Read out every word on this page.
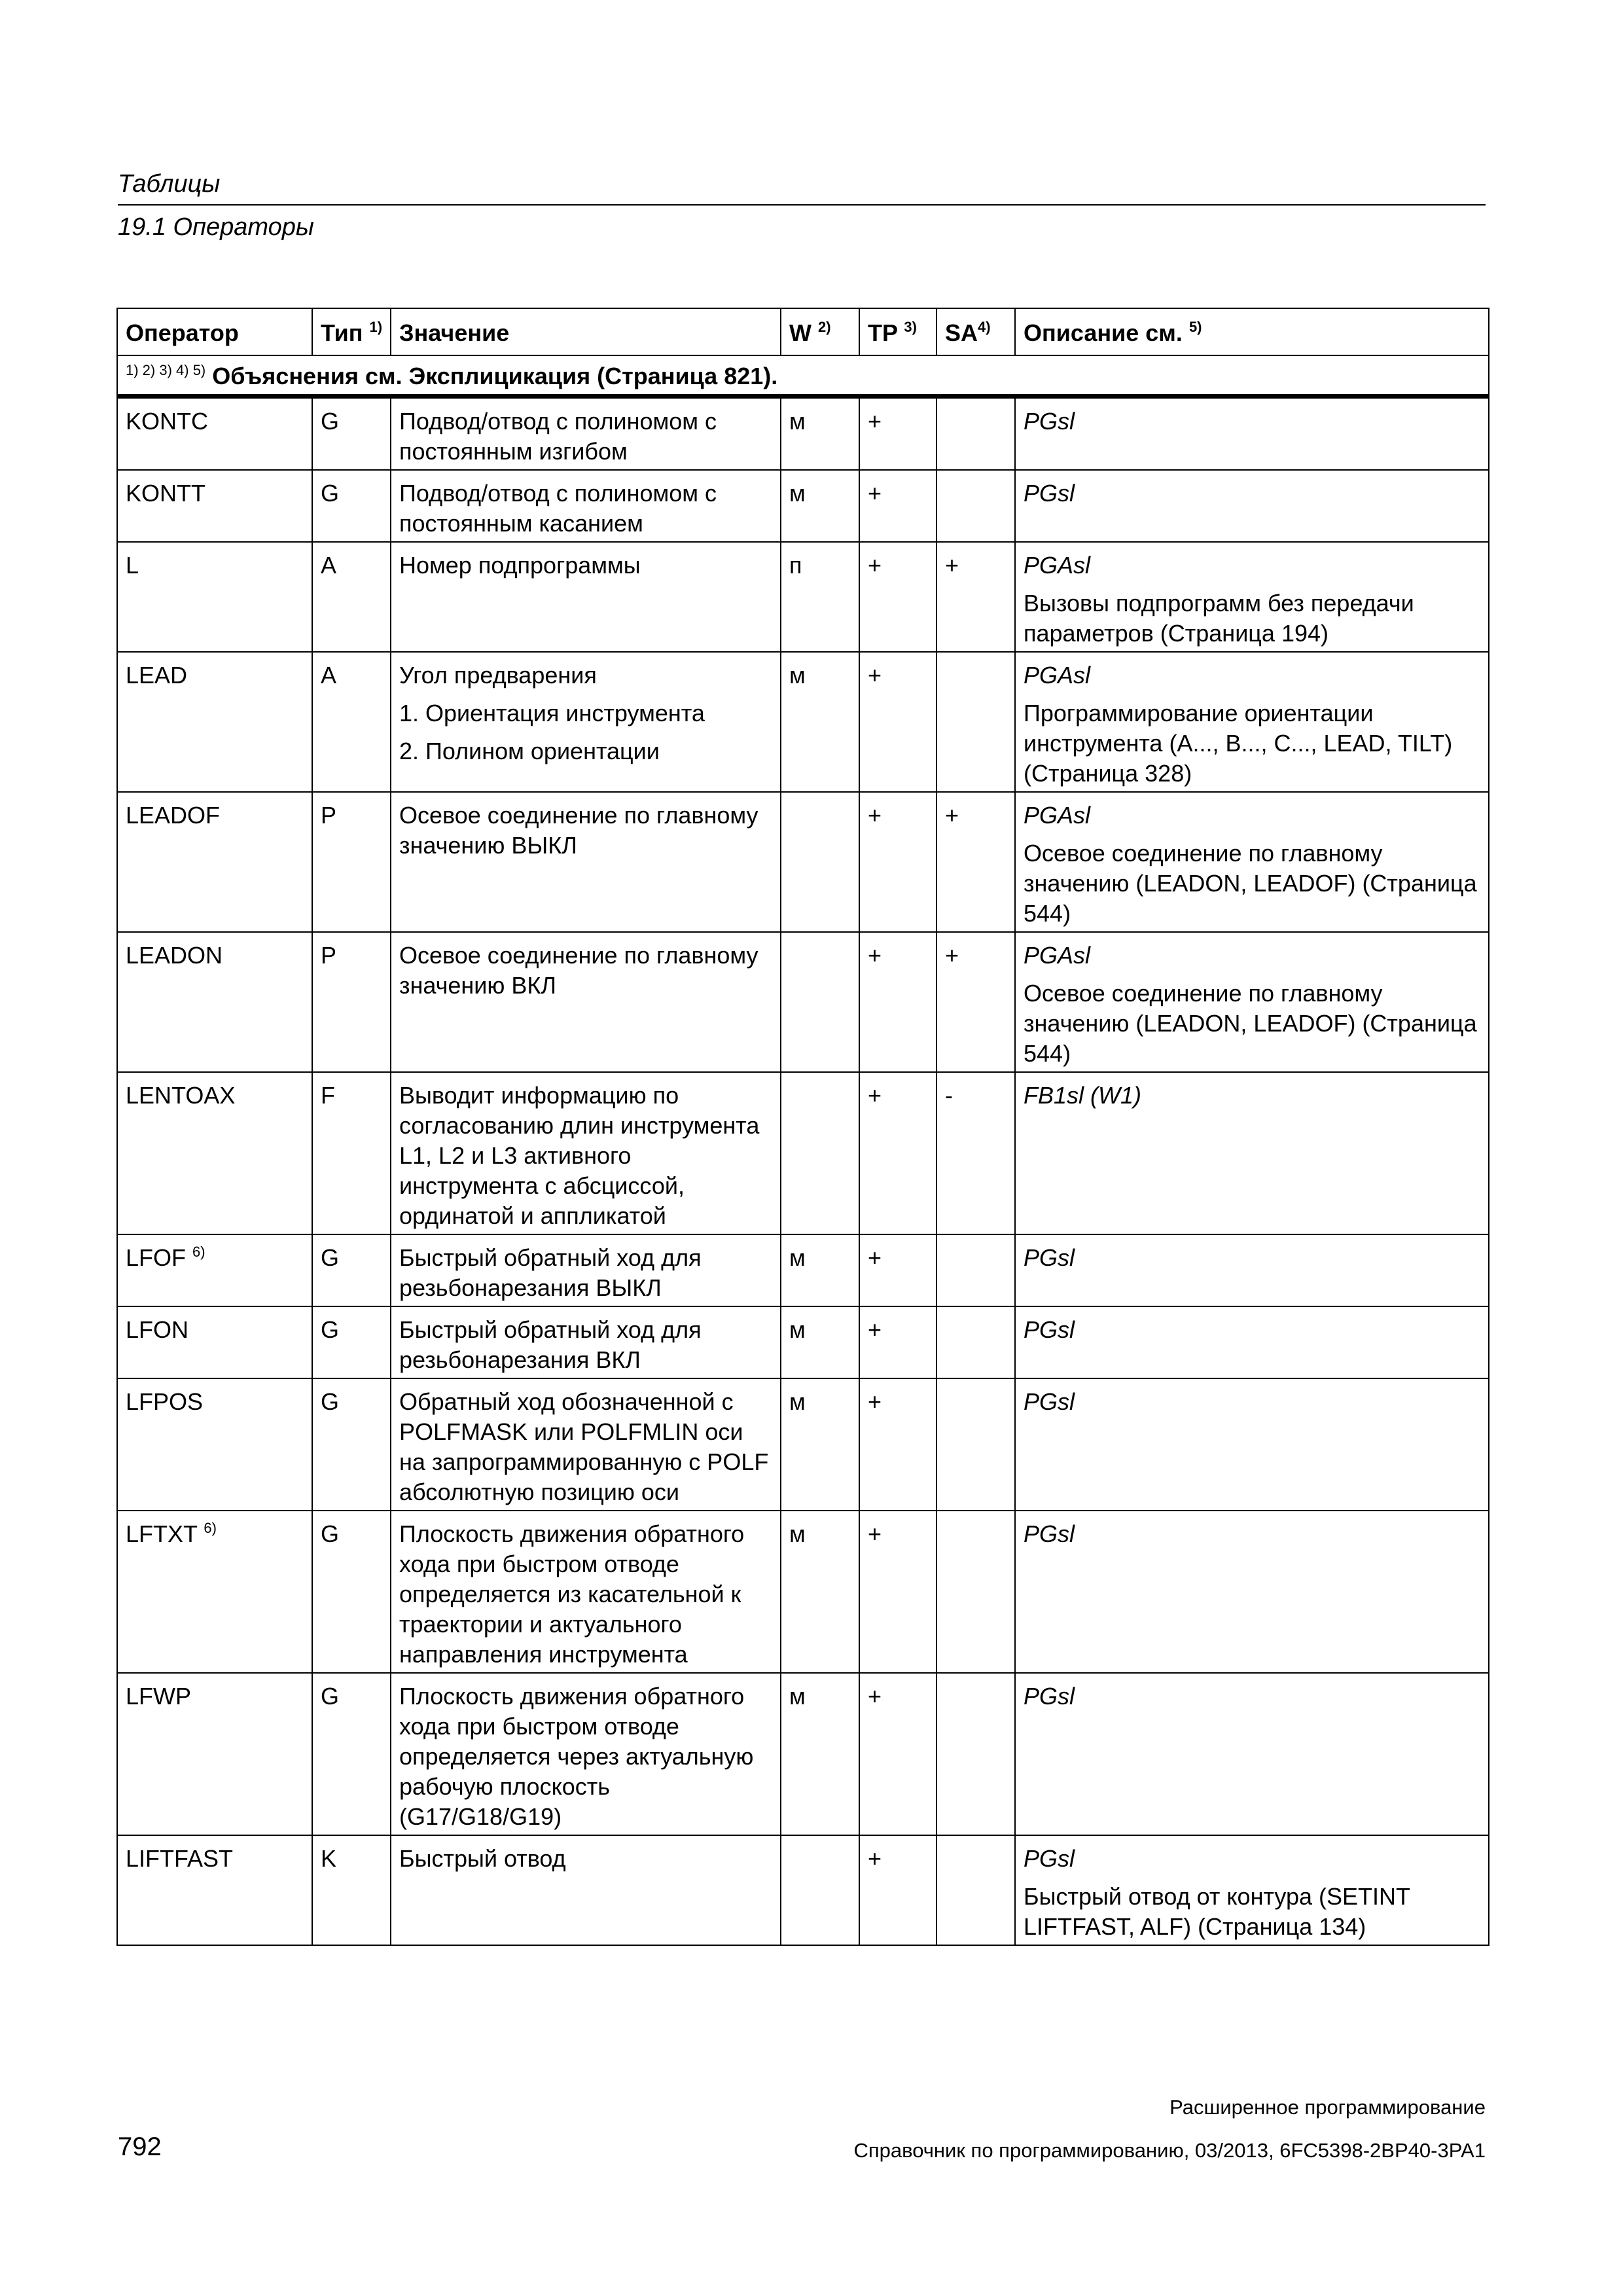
Таблицы
19.1 Операторы
Оператор	Тип $^{1)}$	Значение	W $^{2)}$	TP $^{3)}$	SA$^{4)}$	Описание см. $^{5)}$
$^{1) 2) 3) 4) 5)}$ Объяснения см. Эксплицикация (Страница 821).						
KONTC	G	Подвод/отвод с полиномом с постоянным изгибом	м	+		PGsl

KONTT	G	Подвод/отвод с полиномом с постоянным касанием	м	+		PGsl

L	A	Номер подпрограммы	п	+	+	PGAsl
Вызовы подпрограмм без передачи параметров (Страница 194)

LEAD	A	Угол предварения
1. Ориентация инструмента
2. Полином ориентации	м	+		PGAsl
Программирование ориентации инструмента (A..., B..., C..., LEAD, TILT) (Страница 328)

LEADOF	P	Осевое соединение по главному значению ВЫКЛ		+	+	PGAsl
Осевое соединение по главному значению (LEADON, LEADOF) (Страница 544)

LEADON	P	Осевое соединение по главному значению ВКЛ		+	+	PGAsl
Осевое соединение по главному значению (LEADON, LEADOF) (Страница 544)

LENTOAX	F	Выводит информацию по согласованию длин инструмента L1, L2 и L3 активного инструмента с абсциссой, ординатой и аппликатой		+	-	FB1sl (W1)

LFOF $^{6)}$	G	Быстрый обратный ход для резьбонарезания ВЫКЛ	м	+		PGsl

LFON	G	Быстрый обратный ход для резьбонарезания ВКЛ	м	+		PGsl

LFPOS	G	Обратный ход обозначенной с POLFMASK или POLFMLIN оси на запрограммированную с POLF абсолютную позицию оси	м	+		PGsl

LFTXT $^{6)}$	G	Плоскость движения обратного хода при быстром отводе определяется из касательной к траектории и актуального направления инструмента	м	+		PGsl

LFWP	G	Плоскость движения обратного хода при быстром отводе определяется через актуальную рабочую плоскость (G17/G18/G19)	м	+		PGsl

LIFTFAST	K	Быстрый отвод		+		PGsl
Быстрый отвод от контура (SETINT LIFTFAST, ALF) (Страница 134)
Расширенное программирование
792	Справочник по программированию, 03/2013, 6FC5398-2BP40-3PA1
